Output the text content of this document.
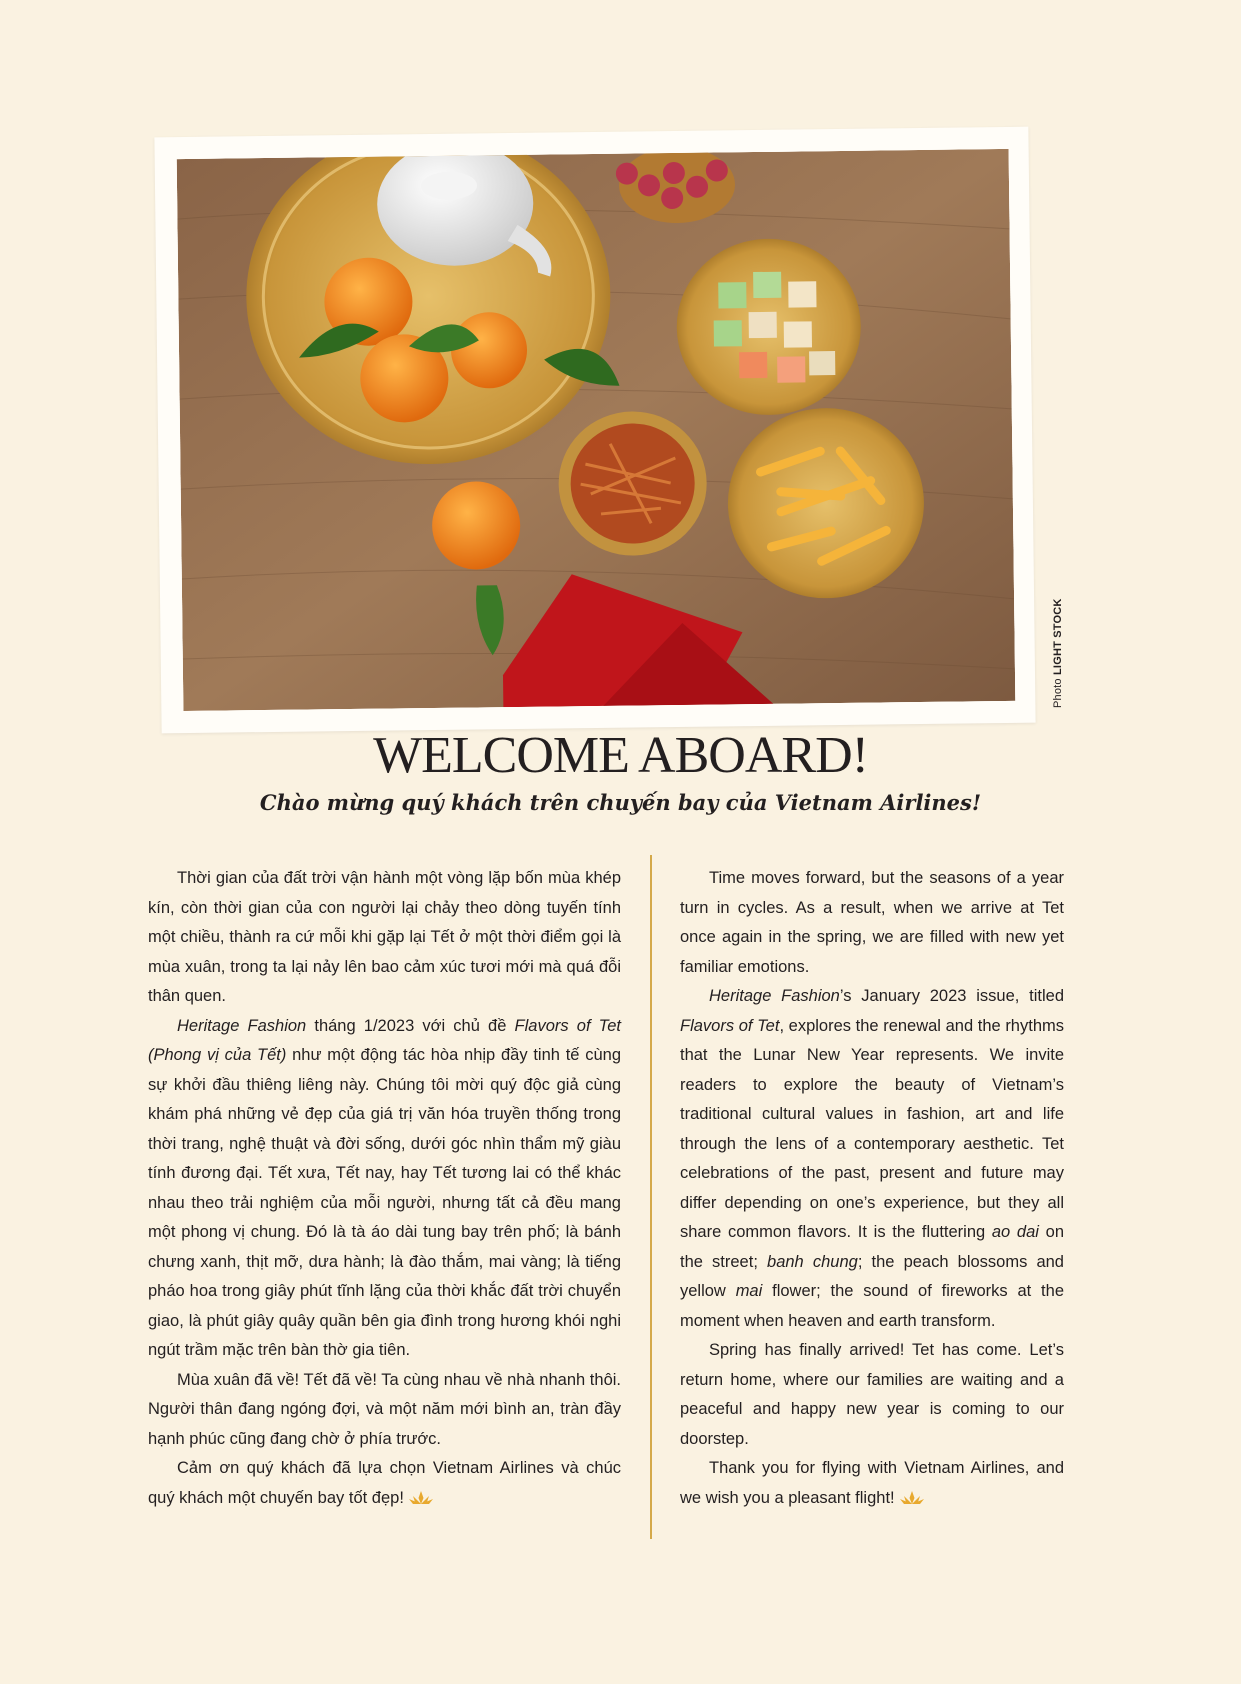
Photo LIGHT STOCK
WELCOME ABOARD!
Chào mừng quý khách trên chuyến bay của Vietnam Airlines!

Thời gian của đất trời vận hành một vòng lặp bốn mùa khép kín, còn thời gian của con người lại chảy theo dòng tuyến tính một chiều, thành ra cứ mỗi khi gặp lại Tết ở một thời điểm gọi là mùa xuân, trong ta lại nảy lên bao cảm xúc tươi mới mà quá đỗi thân quen.

Heritage Fashion tháng 1/2023 với chủ đề Flavors of Tet (Phong vị của Tết) như một động tác hòa nhịp đầy tinh tế cùng sự khởi đầu thiêng liêng này. Chúng tôi mời quý độc giả cùng khám phá những vẻ đẹp của giá trị văn hóa truyền thống trong thời trang, nghệ thuật và đời sống, dưới góc nhìn thẩm mỹ giàu tính đương đại. Tết xưa, Tết nay, hay Tết tương lai có thể khác nhau theo trải nghiệm của mỗi người, nhưng tất cả đều mang một phong vị chung. Đó là tà áo dài tung bay trên phố; là bánh chưng xanh, thịt mỡ, dưa hành; là đào thắm, mai vàng; là tiếng pháo hoa trong giây phút tĩnh lặng của thời khắc đất trời chuyển giao, là phút giây quây quần bên gia đình trong hương khói nghi ngút trầm mặc trên bàn thờ gia tiên.

Mùa xuân đã về! Tết đã về! Ta cùng nhau về nhà nhanh thôi. Người thân đang ngóng đợi, và một năm mới bình an, tràn đầy hạnh phúc cũng đang chờ ở phía trước.

Cảm ơn quý khách đã lựa chọn Vietnam Airlines và chúc quý khách một chuyến bay tốt đẹp!

Time moves forward, but the seasons of a year turn in cycles. As a result, when we arrive at Tet once again in the spring, we are filled with new yet familiar emotions.

Heritage Fashion’s January 2023 issue, titled Flavors of Tet, explores the renewal and the rhythms that the Lunar New Year represents. We invite readers to explore the beauty of Vietnam’s traditional cultural values in fashion, art and life through the lens of a contemporary aesthetic. Tet celebrations of the past, present and future may differ depending on one’s experience, but they all share common flavors. It is the fluttering ao dai on the street; banh chung; the peach blossoms and yellow mai flower; the sound of fireworks at the moment when heaven and earth transform.

Spring has finally arrived! Tet has come. Let’s return home, where our families are waiting and a peaceful and happy new year is coming to our doorstep.

Thank you for flying with Vietnam Airlines, and we wish you a pleasant flight!
